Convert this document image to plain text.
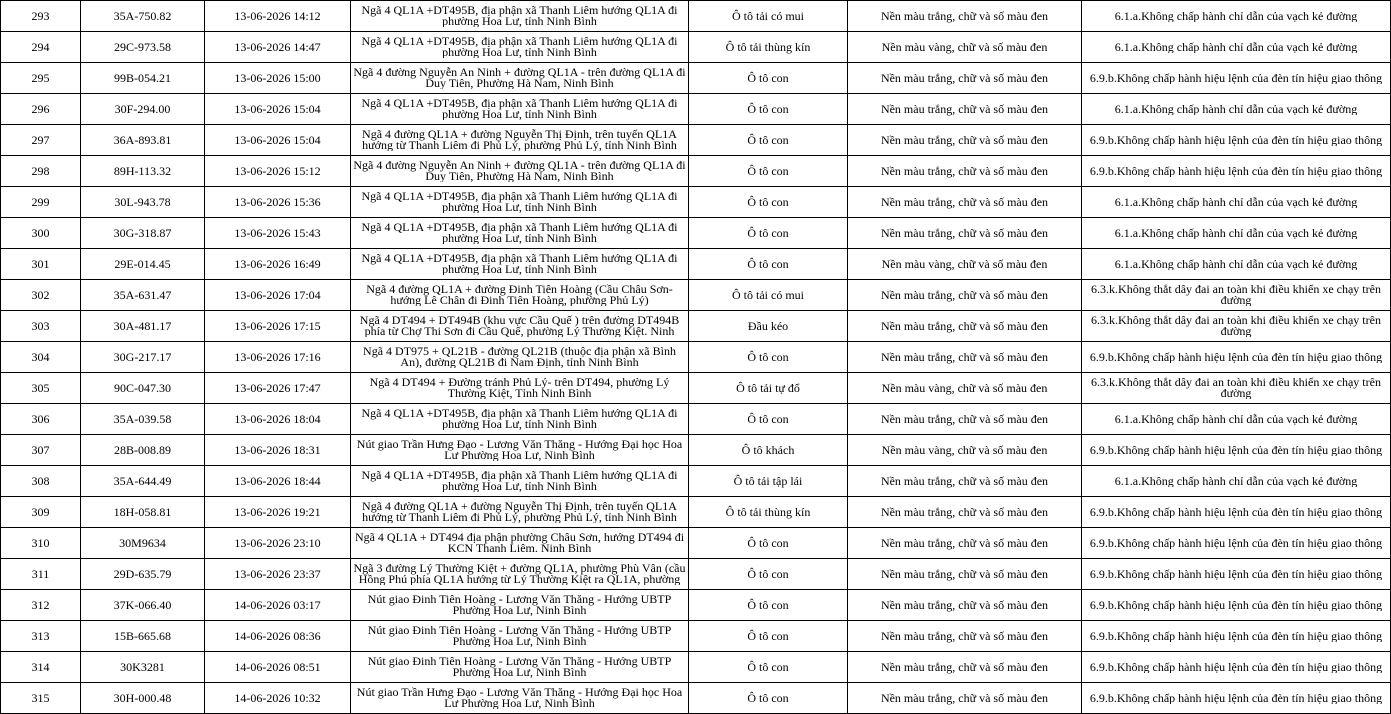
293	35A-750.82	13-06-2026 14:12	Ngã 4 QL1A +DT495B, địa phận xã Thanh Liêm hướng QL1A đi phường Hoa Lư, tỉnh Ninh Bình	Ô tô tải có mui	Nền màu trắng, chữ và số màu đen	6.1.a.Không chấp hành chỉ dẫn của vạch kẻ đường

294	29C-973.58	13-06-2026 14:47	Ngã 4 QL1A +DT495B, địa phận xã Thanh Liêm hướng QL1A đi phường Hoa Lư, tỉnh Ninh Bình	Ô tô tải thùng kín	Nền màu vàng, chữ và số màu đen	6.1.a.Không chấp hành chỉ dẫn của vạch kẻ đường

295	99B-054.21	13-06-2026 15:00	Ngã 4 đường Nguyễn An Ninh + đường QL1A - trên đường QL1A đi Duy Tiên, Phường Hà Nam, Ninh Bình	Ô tô con	Nền màu trắng, chữ và số màu đen	6.9.b.Không chấp hành hiệu lệnh của đèn tín hiệu giao thông

296	30F-294.00	13-06-2026 15:04	Ngã 4 QL1A +DT495B, địa phận xã Thanh Liêm hướng QL1A đi phường Hoa Lư, tỉnh Ninh Bình	Ô tô con	Nền màu trắng, chữ và số màu đen	6.1.a.Không chấp hành chỉ dẫn của vạch kẻ đường

297	36A-893.81	13-06-2026 15:04	Ngã 4 đường QL1A + đường Nguyễn Thị Định, trên tuyến QL1A hướng từ Thanh Liêm đi Phủ Lý, phường Phủ Lý, tỉnh Ninh Bình	Ô tô con	Nền màu trắng, chữ và số màu đen	6.9.b.Không chấp hành hiệu lệnh của đèn tín hiệu giao thông

298	89H-113.32	13-06-2026 15:12	Ngã 4 đường Nguyễn An Ninh + đường QL1A - trên đường QL1A đi Duy Tiên, Phường Hà Nam, Ninh Bình	Ô tô con	Nền màu trắng, chữ và số màu đen	6.9.b.Không chấp hành hiệu lệnh của đèn tín hiệu giao thông

299	30L-943.78	13-06-2026 15:36	Ngã 4 QL1A +DT495B, địa phận xã Thanh Liêm hướng QL1A đi phường Hoa Lư, tỉnh Ninh Bình	Ô tô con	Nền màu trắng, chữ và số màu đen	6.1.a.Không chấp hành chỉ dẫn của vạch kẻ đường

300	30G-318.87	13-06-2026 15:43	Ngã 4 QL1A +DT495B, địa phận xã Thanh Liêm hướng QL1A đi phường Hoa Lư, tỉnh Ninh Bình	Ô tô con	Nền màu trắng, chữ và số màu đen	6.1.a.Không chấp hành chỉ dẫn của vạch kẻ đường

301	29E-014.45	13-06-2026 16:49	Ngã 4 QL1A +DT495B, địa phận xã Thanh Liêm hướng QL1A đi phường Hoa Lư, tỉnh Ninh Bình	Ô tô con	Nền màu vàng, chữ và số màu đen	6.1.a.Không chấp hành chỉ dẫn của vạch kẻ đường

302	35A-631.47	13-06-2026 17:04	Ngã 4 đường QL1A + đường Đinh Tiên Hoàng (Cầu Châu Sơn- hướng Lê Chân đi Đinh Tiên Hoàng, phường Phủ Lý)	Ô tô tải có mui	Nền màu trắng, chữ và số màu đen	6.3.k.Không thắt dây đai an toàn khi điều khiển xe chạy trên đường

303	30A-481.17	13-06-2026 17:15	Ngã 4 DT494 + DT494B (khu vực Cầu Quế ) trên đường DT494B phía từ Chợ Thi Sơn đi Cầu Quế, phường Lý Thường Kiệt. Ninh	Đầu kéo	Nền màu trắng, chữ và số màu đen	6.3.k.Không thắt dây đai an toàn khi điều khiển xe chạy trên đường

304	30G-217.17	13-06-2026 17:16	Ngã 4 DT975 + QL21B - đường QL21B (thuộc địa phận xã Bình An), đường QL21B đi Nam Định, tỉnh Ninh Bình	Ô tô con	Nền màu trắng, chữ và số màu đen	6.9.b.Không chấp hành hiệu lệnh của đèn tín hiệu giao thông

305	90C-047.30	13-06-2026 17:47	Ngã 4 DT494 + Đường tránh Phủ Lý- trên DT494, phường Lý Thường Kiệt, Tỉnh Ninh Bình	Ô tô tải tự đổ	Nền màu vàng, chữ và số màu đen	6.3.k.Không thắt dây đai an toàn khi điều khiển xe chạy trên đường

306	35A-039.58	13-06-2026 18:04	Ngã 4 QL1A +DT495B, địa phận xã Thanh Liêm hướng QL1A đi phường Hoa Lư, tỉnh Ninh Bình	Ô tô con	Nền màu trắng, chữ và số màu đen	6.1.a.Không chấp hành chỉ dẫn của vạch kẻ đường

307	28B-008.89	13-06-2026 18:31	Nút giao Trần Hưng Đạo - Lương Văn Thăng - Hướng Đại học Hoa Lư Phường Hoa Lư, Ninh Bình	Ô tô khách	Nền màu vàng, chữ và số màu đen	6.9.b.Không chấp hành hiệu lệnh của đèn tín hiệu giao thông

308	35A-644.49	13-06-2026 18:44	Ngã 4 QL1A +DT495B, địa phận xã Thanh Liêm hướng QL1A đi phường Hoa Lư, tỉnh Ninh Bình	Ô tô tải tập lái	Nền màu trắng, chữ và số màu đen	6.1.a.Không chấp hành chỉ dẫn của vạch kẻ đường

309	18H-058.81	13-06-2026 19:21	Ngã 4 đường QL1A + đường Nguyễn Thị Định, trên tuyến QL1A hướng từ Thanh Liêm đi Phủ Lý, phường Phủ Lý, tỉnh Ninh Bình	Ô tô tải thùng kín	Nền màu trắng, chữ và số màu đen	6.9.b.Không chấp hành hiệu lệnh của đèn tín hiệu giao thông

310	30M9634	13-06-2026 23:10	Ngã 4 QL1A + DT494 địa phận phường Châu Sơn, hướng DT494 đi KCN Thanh Liêm. Ninh Bình	Ô tô con	Nền màu trắng, chữ và số màu đen	6.9.b.Không chấp hành hiệu lệnh của đèn tín hiệu giao thông

311	29D-635.79	13-06-2026 23:37	Ngã 3 đường Lý Thường Kiệt + đường QL1A, phường Phù Vân (cầu Hồng Phú phía QL1A hướng từ Lý Thường Kiệt ra QL1A, phường	Ô tô con	Nền màu trắng, chữ và số màu đen	6.9.b.Không chấp hành hiệu lệnh của đèn tín hiệu giao thông

312	37K-066.40	14-06-2026 03:17	Nút giao Đinh Tiên Hoàng - Lương Văn Thăng - Hướng UBTP Phường Hoa Lư, Ninh Bình	Ô tô con	Nền màu trắng, chữ và số màu đen	6.9.b.Không chấp hành hiệu lệnh của đèn tín hiệu giao thông

313	15B-665.68	14-06-2026 08:36	Nút giao Đinh Tiên Hoàng - Lương Văn Thăng - Hướng UBTP Phường Hoa Lư, Ninh Bình	Ô tô con	Nền màu trắng, chữ và số màu đen	6.9.b.Không chấp hành hiệu lệnh của đèn tín hiệu giao thông

314	30K3281	14-06-2026 08:51	Nút giao Đinh Tiên Hoàng - Lương Văn Thăng - Hướng UBTP Phường Hoa Lư, Ninh Bình	Ô tô con	Nền màu trắng, chữ và số màu đen	6.9.b.Không chấp hành hiệu lệnh của đèn tín hiệu giao thông

315	30H-000.48	14-06-2026 10:32	Nút giao Trần Hưng Đạo - Lương Văn Thăng - Hướng Đại học Hoa Lư Phường Hoa Lư, Ninh Bình	Ô tô con	Nền màu trắng, chữ và số màu đen	6.9.b.Không chấp hành hiệu lệnh của đèn tín hiệu giao thông
